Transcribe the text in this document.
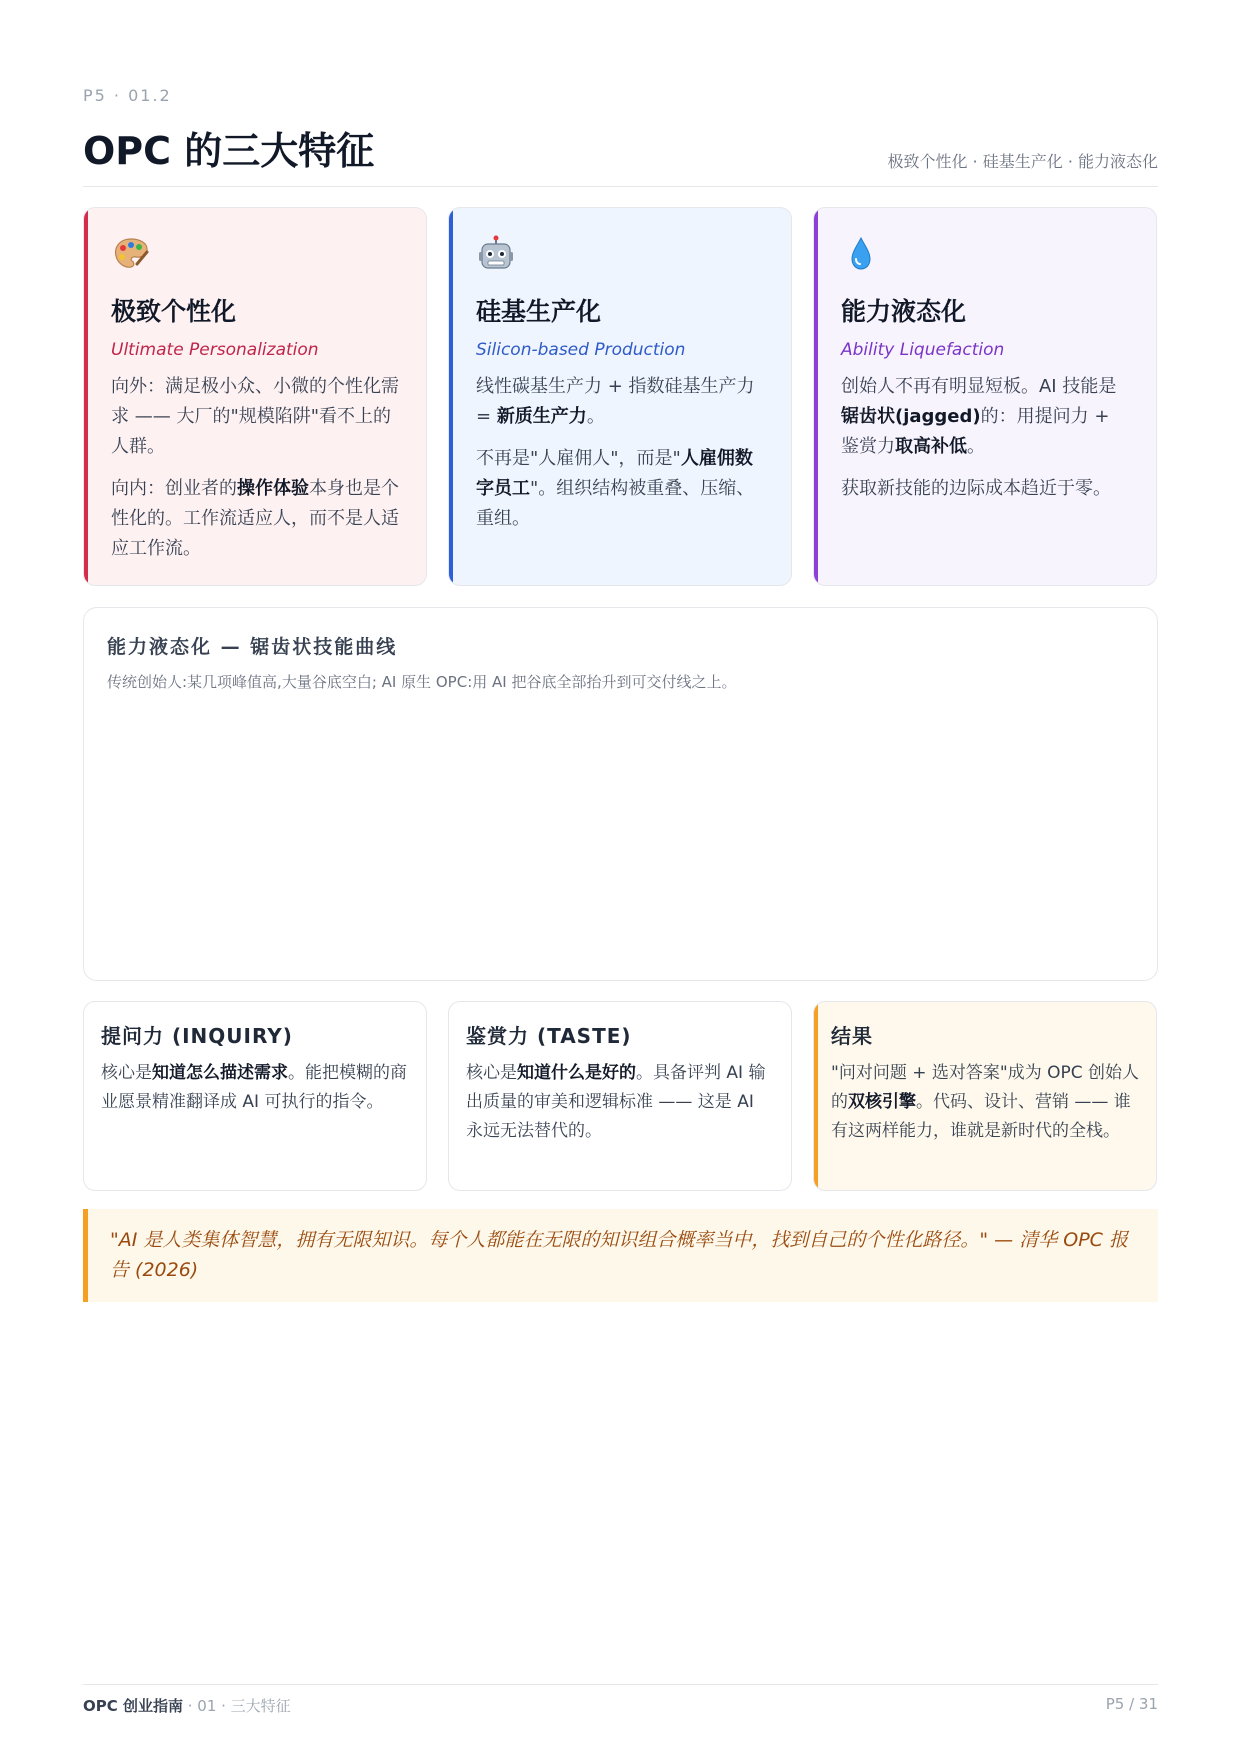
P5 · 01.2
OPC 的三大特征	极致个性化 · 硅基生产化 · 能力液态化
极致个性化
Ultimate Personalization

向外：满足极小众、小微的个性化需求 —— 大厂的"规模陷阱"看不上的人群。

向内：创业者的操作体验本身也是个性化的。工作流适应人，而不是人适应工作流。

硅基生产化
Silicon-based Production

线性碳基生产力 + 指数硅基生产力 = 新质生产力。

不再是"人雇佣人"，而是"人雇佣数字员工"。组织结构被重叠、压缩、重组。

能力液态化
Ability Liquefaction

创始人不再有明显短板。AI 技能是锯齿状(jagged)的：用提问力 + 鉴赏力取高补低。

获取新技能的边际成本趋近于零。

能力液态化 — 锯齿状技能曲线
传统创始人:某几项峰值高,大量谷底空白; AI 原生 OPC:用 AI 把谷底全部抬升到可交付线之上。
提问力 (INQUIRY)

核心是知道怎么描述需求。能把模糊的商业愿景精准翻译成 AI 可执行的指令。

鉴赏力 (TASTE)

核心是知道什么是好的。具备评判 AI 输出质量的审美和逻辑标准 —— 这是 AI 永远无法替代的。

结果

"问对问题 + 选对答案"成为 OPC 创始人的双核引擎。代码、设计、营销 —— 谁有这两样能力，谁就是新时代的全栈。

"AI 是人类集体智慧，拥有无限知识。每个人都能在无限的知识组合概率当中，找到自己的个性化路径。" — 清华 OPC 报告 (2026)

OPC 创业指南 · 01 · 三大特征	P5 / 31
